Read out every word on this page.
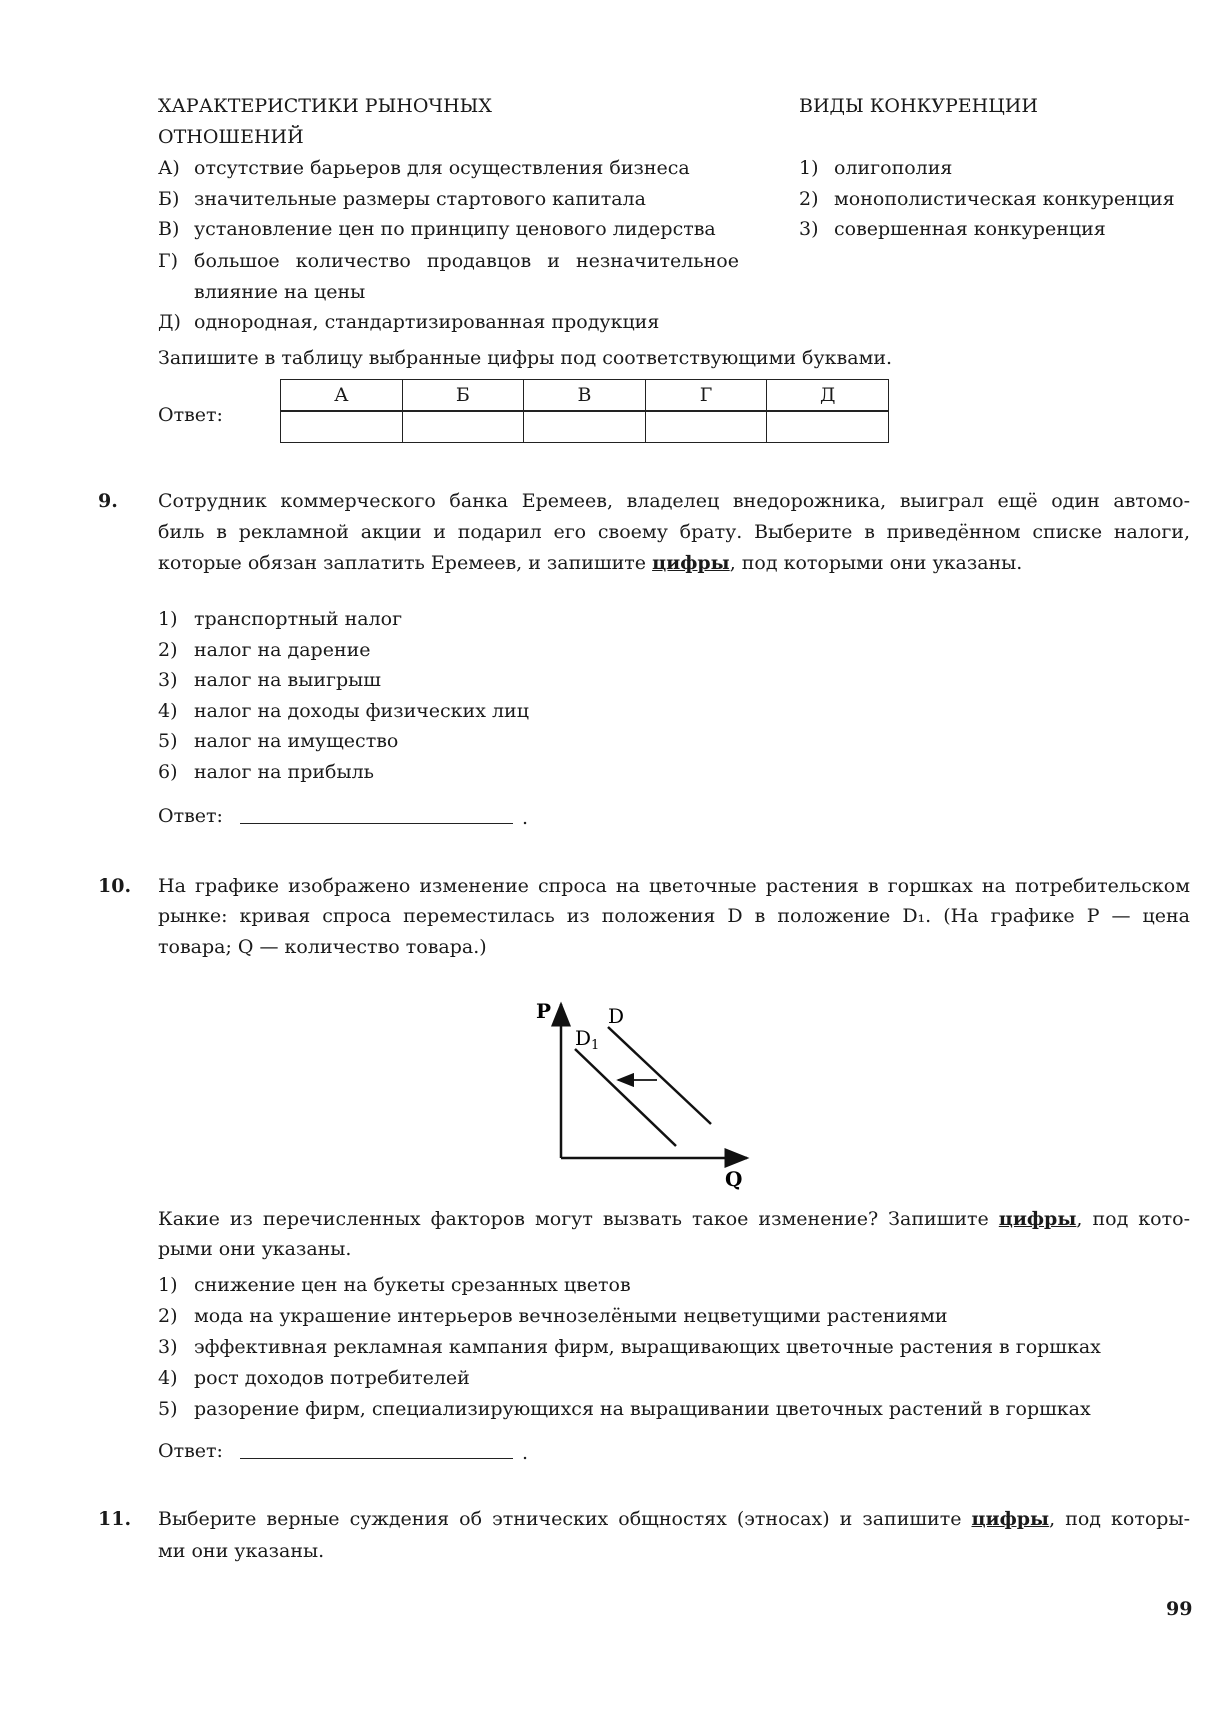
ХАРАКТЕРИСТИКИ РЫНОЧНЫХ
ОТНОШЕНИЙ
ВИДЫ КОНКУРЕНЦИИ
А) отсутствие барьеров для осуществления бизнеса
Б) значительные размеры стартового капитала
В) установление цен по принципу ценового лидерства
Г) большое количество продавцов и незначительное
влияние на цены
Д) однородная, стандартизированная продукция
1) олигополия
2) монополистическая конкуренция
3) совершенная конкуренция
Запишите в таблицу выбранные цифры под соответствующими буквами.
Ответ:
А	Б	В	Г	Д

9. Сотрудник коммерческого банка Еремеев, владелец внедорожника, выиграл ещё один автомо-
биль в рекламной акции и подарил его своему брату. Выберите в приведённом списке налоги,
которые обязан заплатить Еремеев, и запишите цифры, под которыми они указаны.
1) транспортный налог
2) налог на дарение
3) налог на выигрыш
4) налог на доходы физических лиц
5) налог на имущество
6) налог на прибыль
Ответ:	.
10. На графике изображено изменение спроса на цветочные растения в горшках на потребительском
рынке: кривая спроса переместилась из положения D в положение D₁. (На графике P — цена
товара; Q — количество товара.)
P	D
$D_1$
Q
Какие из перечисленных факторов могут вызвать такое изменение? Запишите цифры, под кото-
рыми они указаны.
1) снижение цен на букеты срезанных цветов
2) мода на украшение интерьеров вечнозелёными нецветущими растениями
3) эффективная рекламная кампания фирм, выращивающих цветочные растения в горшках
4) рост доходов потребителей
5) разорение фирм, специализирующихся на выращивании цветочных растений в горшках
Ответ:	.
11. Выберите верные суждения об этнических общностях (этносах) и запишите цифры, под которы-
ми они указаны.
99
